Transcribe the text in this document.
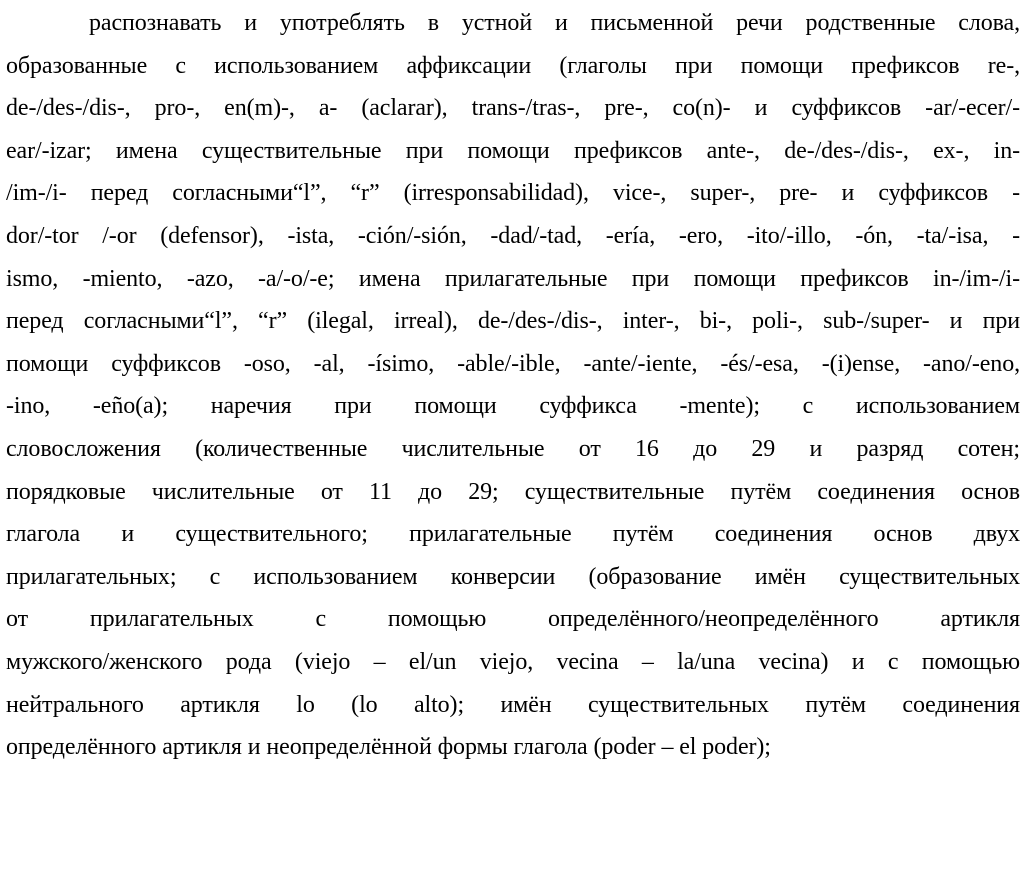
распознавать и употреблять в устной и письменной речи родственные слова,
образованные с использованием аффиксации (глаголы при помощи префиксов re-,
de-/des-/dis-, pro-, en(m)-, a- (aclarar), trans-/tras-, pre-, co(n)- и суффиксов -ar/-ecer/-
ear/-izar; имена существительные при помощи префиксов ante-, de-/des-/dis-, ex-, in-
/im-/i- перед согласными“l”, “r” (irresponsabilidad), vice-, super-, pre- и суффиксов -
dor/-tor /-or (defensor), -ista, -ción/-sión, -dad/-tad, -ería, -ero, -ito/-illo, -ón, -ta/-isa, -
ismo, -miento, -azo, -a/-o/-e; имена прилагательные при помощи префиксов in-/im-/i-
перед согласными“l”, “r” (ilegal, irreal), de-/des-/dis-, inter-, bi-, poli-, sub-/super- и при
помощи суффиксов -oso, -al, -ísimo, -able/-ible, -ante/-iente, -és/-esa, -(i)ense, -ano/-eno,
-ino, -eño(a); наречия при помощи суффикса -mente); с использованием
словосложения (количественные числительные от 16 до 29 и разряд сотен;
порядковые числительные от 11 до 29; существительные путём соединения основ
глагола и существительного; прилагательные путём соединения основ двух
прилагательных; с использованием конверсии (образование имён существительных
от прилагательных с помощью определённого/неопределённого артикля
мужского/женского рода (viejo – el/un viejo, vecina – la/una vecina) и с помощью
нейтрального артикля lo (lo alto); имён существительных путём соединения
определённого артикля и неопределённой формы глагола (poder – el poder);
